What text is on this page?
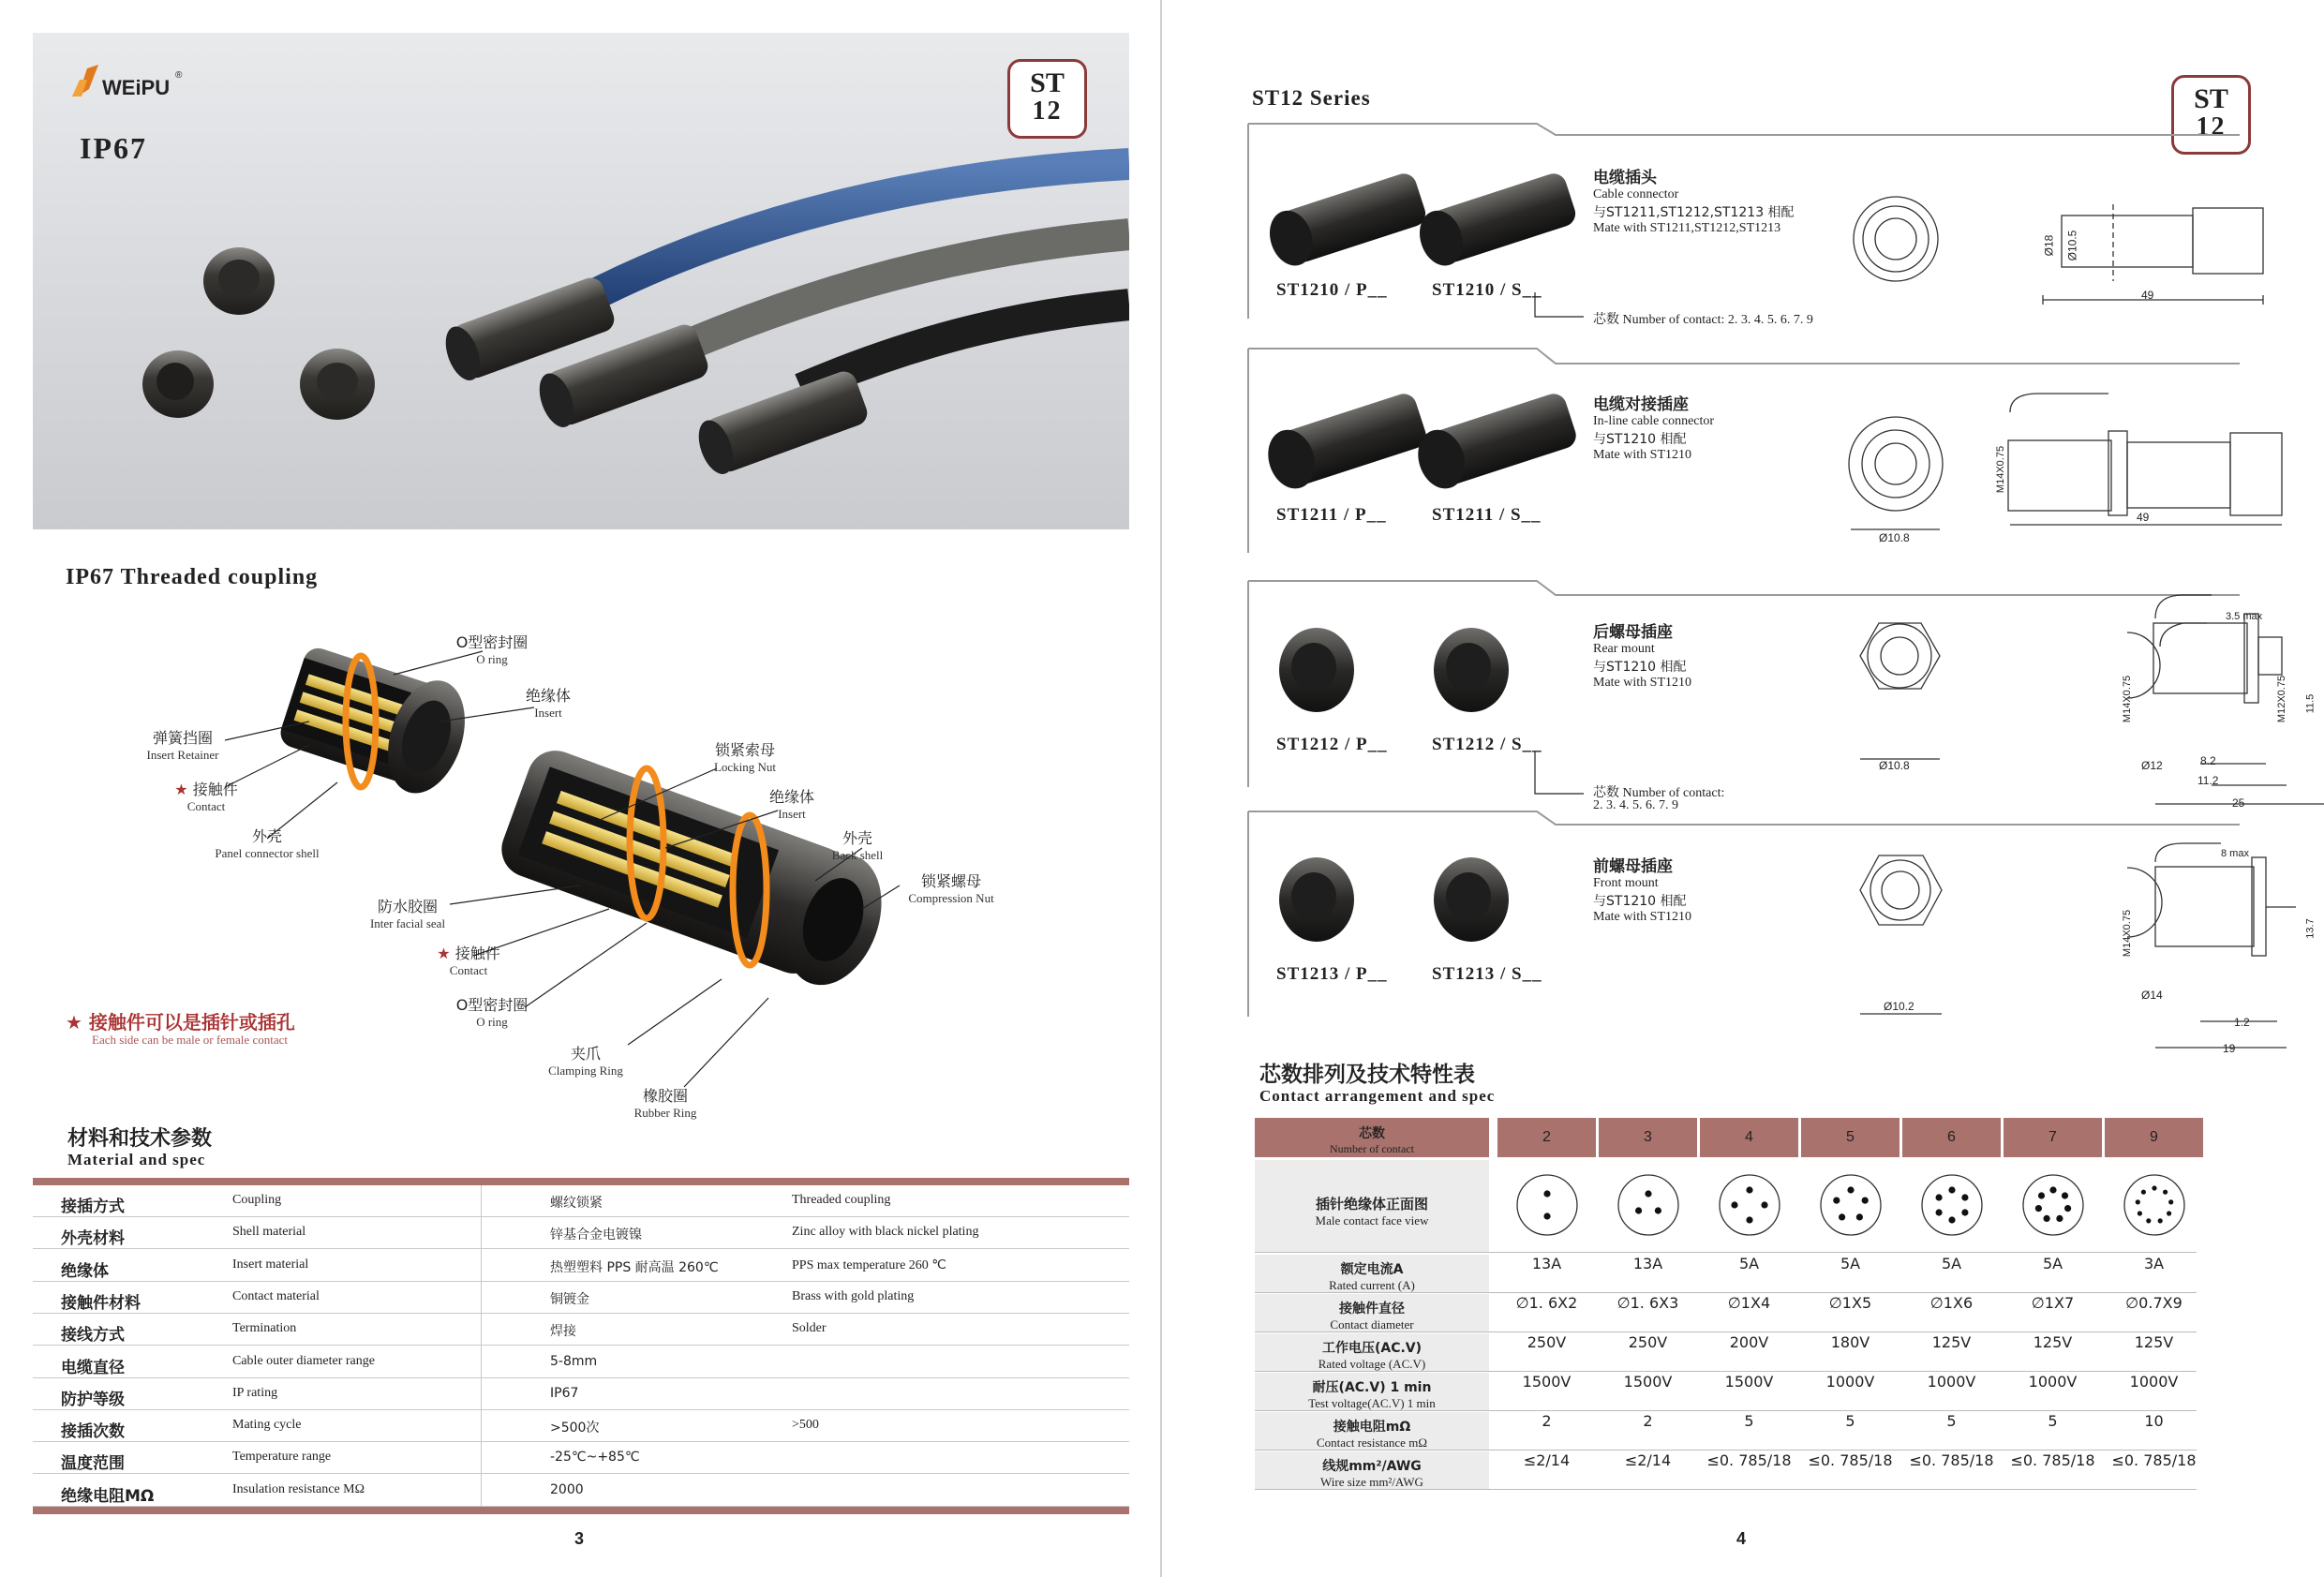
WEiPU
®
IP67
ST
12
IP67 Threaded coupling
O型密封圈
O ring
绝缘体
Insert
弹簧挡圈
Insert Retainer
★ 接触件
Contact
外壳
Panel connector shell
锁紧索母
Locking Nut
绝缘体
Insert
外壳
Back shell
锁紧螺母
Compression Nut
防水胶圈
Inter facial seal
★ 接触件
Contact
O型密封圈
O ring
夹爪
Clamping Ring
橡胶圈
Rubber Ring
★ 接触件可以是插针或插孔
Each side can be male or female contact
材料和技术参数
Material and spec
接插方式	Coupling	螺纹锁紧	Threaded coupling
外壳材料	Shell material	锌基合金电镀镍	Zinc alloy with black nickel plating
绝缘体	Insert material	热塑塑料 PPS 耐高温 260℃	PPS max temperature 260 ℃
接触件材料	Contact material	铜镀金	Brass with gold plating
接线方式	Termination	焊接	Solder
电缆直径	Cable outer diameter range	5-8mm
防护等级	IP rating	IP67
接插次数	Mating cycle	>500次	>500
温度范围	Temperature range	-25℃~+85℃
绝缘电阻MΩ	Insulation resistance MΩ	2000
3
ST12 Series	ST
12
ST1210 / P__ ST1210 / S__
电缆插头
Cable connector
与ST1211,ST1212,ST1213 相配
Mate with ST1211,ST1212,ST1213
芯数 Number of contact: 2. 3. 4. 5. 6. 7. 9
ST1211 / P__	ST1211 / S__
电缆对接插座
In-line cable connector
与ST1210 相配
Mate with ST1210
ST1212 / P__ ST1212 / S__
后螺母插座
Rear mount
与ST1210 相配
Mate with ST1210
芯数 Number of contact:
2. 3. 4. 5. 6. 7. 9
ST1213 / P__ ST1213 / S__
前螺母插座
Front mount
与ST1210 相配
Mate with ST1210
Ø18 Ø10.5
49
M14X0.75
Ø10.8
49
3.5 max
M14X0.75	M12X0.75
Ø10.8	8.2
11.2
25
11.5
Ø12
8 max
M14X0.75
Ø10.2
1.2
19
13.7
Ø14
芯数排列及技术特性表
Contact arrangement and spec
芯数
Number of contact
2	3	4	5	6	7	9
插针绝缘体正面图
Male contact face view
额定电流A
Rated current (A)
13A	13A	5A	5A	5A	5A	3A
接触件直径
Contact diameter
∅1. 6X2	∅1. 6X3	∅1X4	∅1X5	∅1X6	∅1X7	∅0.7X9
工作电压(AC.V)
Rated voltage (AC.V)
250V	250V	200V	180V	125V	125V	125V
耐压(AC.V) 1 min
Test voltage(AC.V) 1 min
1500V	1500V	1500V	1000V	1000V	1000V	1000V
接触电阻mΩ
Contact resistance mΩ
2	2	5	5	5	5	10
线规mm²/AWG
Wire size mm²/AWG
≤2/14	≤2/14	≤0. 785/18	≤0. 785/18	≤0. 785/18	≤0. 785/18	≤0. 785/18
4
